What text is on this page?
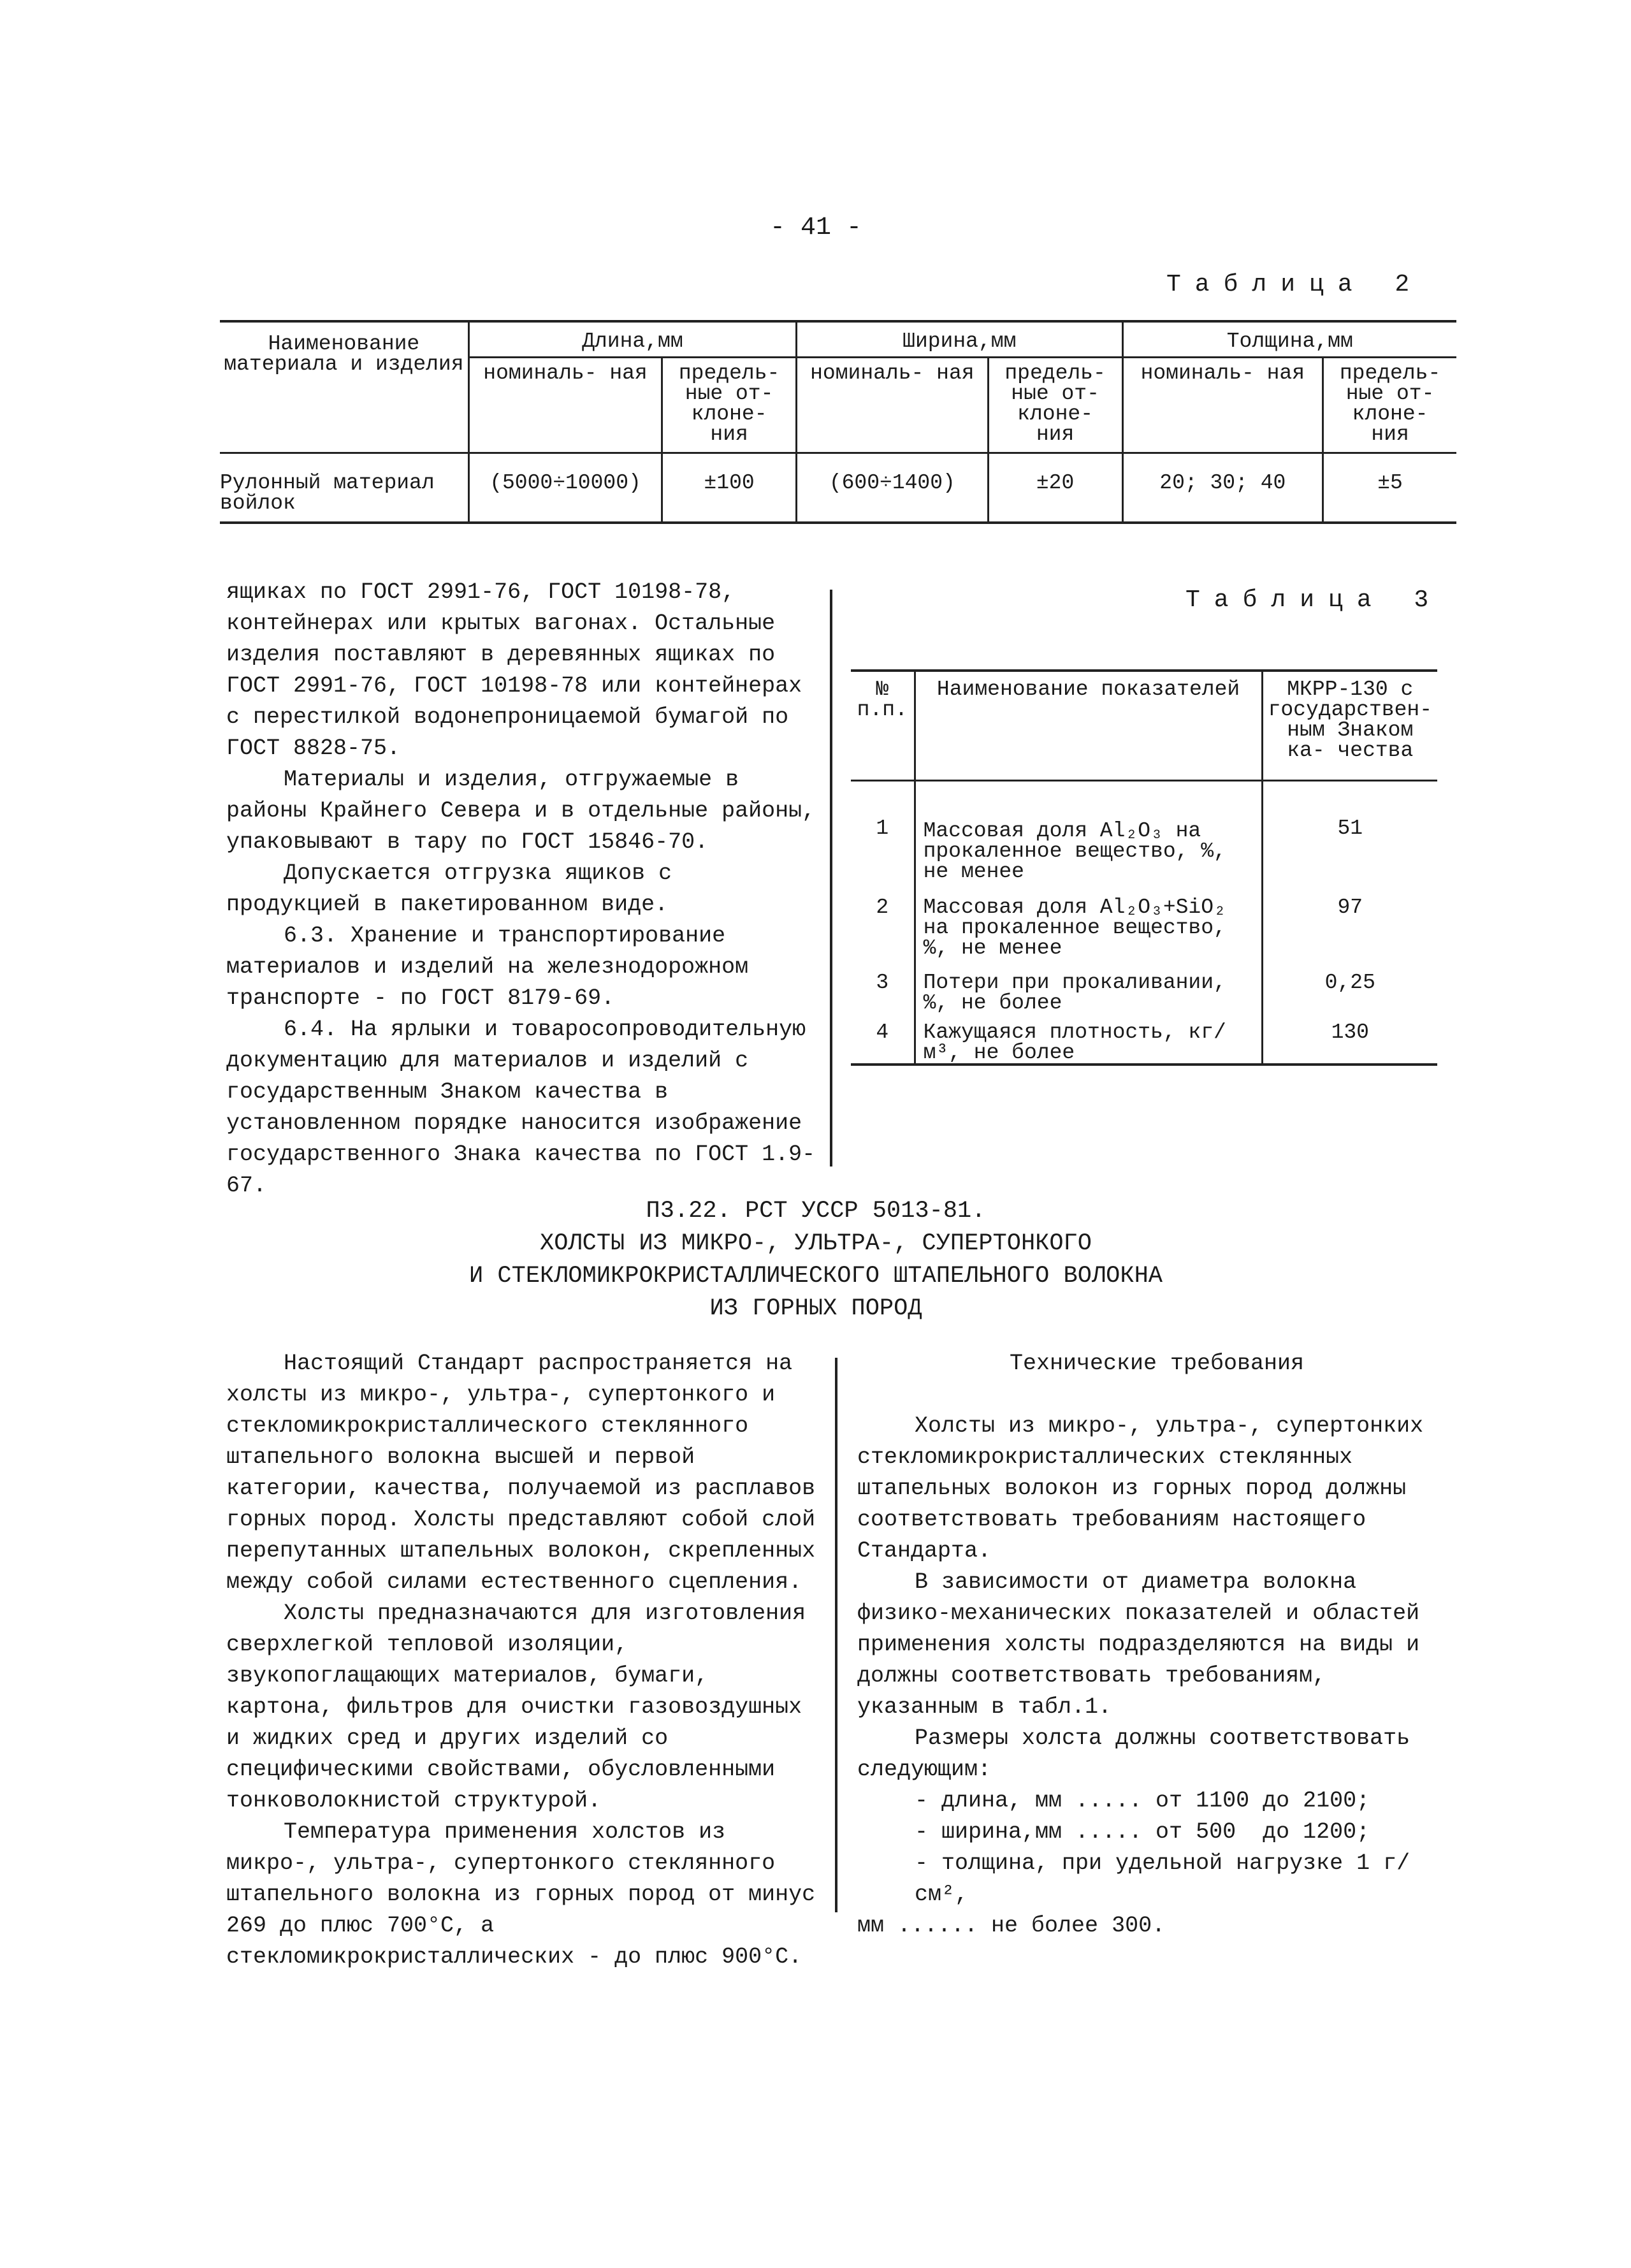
- 41 -
Таблица 2
Наименование материала и изделия	Длина,мм		Ширина,мм		Толщина,мм	
	номиналь- ная	предель- ные от- клоне- ния	номиналь- ная	предель- ные от- клоне- ния	номиналь- ная	предель- ные от- клоне- ния
Рулонный материал войлок	(5000÷10000)	±100	(600÷1400)	±20	20; 30; 40	±5

ящиках по ГОСТ 2991-76, ГОСТ 10198-78, контейнерах или крытых вагонах. Остальные изделия поставляют в деревянных ящиках по ГОСТ 2991-76, ГОСТ 10198-78 или контейнерах с перестилкой водонепроницаемой бумагой по ГОСТ 8828-75.

Материалы и изделия, отгружаемые в районы Крайнего Севера и в отдельные районы, упаковывают в тару по ГОСТ 15846-70.

Допускается отгрузка ящиков с продукцией в пакетированном виде.

6.3. Хранение и транспортирование материалов и изделий на железнодорожном транспорте - по ГОСТ 8179-69.

6.4. На ярлыки и товаросопроводительную документацию для материалов и изделий с государственным Знаком качества в установленном порядке наносится изображение государственного Знака качества по ГОСТ 1.9-67.

Таблица 3
№ п.п.	Наименование показателей	МКРР-130 с государствен- ным Знаком ка- чества
1	Массовая доля Al₂O₃ на прокаленное вещество, %, не менее	51
2	Массовая доля Al₂O₃+SiO₂ на прокаленное вещество, %, не менее	97
3	Потери при прокаливании, %, не более	0,25
4	Кажущаяся плотность, кг/м³, не более	130
П3.22. РСТ УССР 5013-81.
ХОЛСТЫ ИЗ МИКРО-, УЛЬТРА-, СУПЕРТОНКОГО
И СТЕКЛОМИКРОКРИСТАЛЛИЧЕСКОГО ШТАПЕЛЬНОГО ВОЛОКНА
ИЗ ГОРНЫХ ПОРОД

Настоящий Стандарт распространяется на холсты из микро-, ультра-, супертонкого и стекломикрокристаллического стеклянного штапельного волокна высшей и первой категории, качества, получаемой из расплавов горных пород. Холсты представляют собой слой перепутанных штапельных волокон, скрепленных между собой силами естественного сцепления.

Холсты предназначаются для изготовления сверхлегкой тепловой изоляции, звукопоглащающих материалов, бумаги, картона, фильтров для очистки газовоздушных и жидких сред и других изделий со специфическими свойствами, обусловленными тонковолокнистой структурой.

Температура применения холстов из микро-, ультра-, супертонкого стеклянного штапельного волокна из горных пород от минус 269 до плюс 700°С, а стекломикрокристаллических - до плюс 900°С.

Технические требования

Холсты из микро-, ультра-, супертонких стекломикрокристаллических стеклянных штапельных волокон из горных пород должны соответствовать требованиям настоящего Стандарта.

В зависимости от диаметра волокна физико-механических показателей и областей применения холсты подразделяются на виды и должны соответствовать требованиям, указанным в табл.1.

Размеры холста должны соответствовать следующим:

- длина, мм ..... от 1100 до 2100;

- ширина,мм ..... от 500  до 1200;

- толщина, при удельной нагрузке 1 г/см²,

мм ...... не более 300.
